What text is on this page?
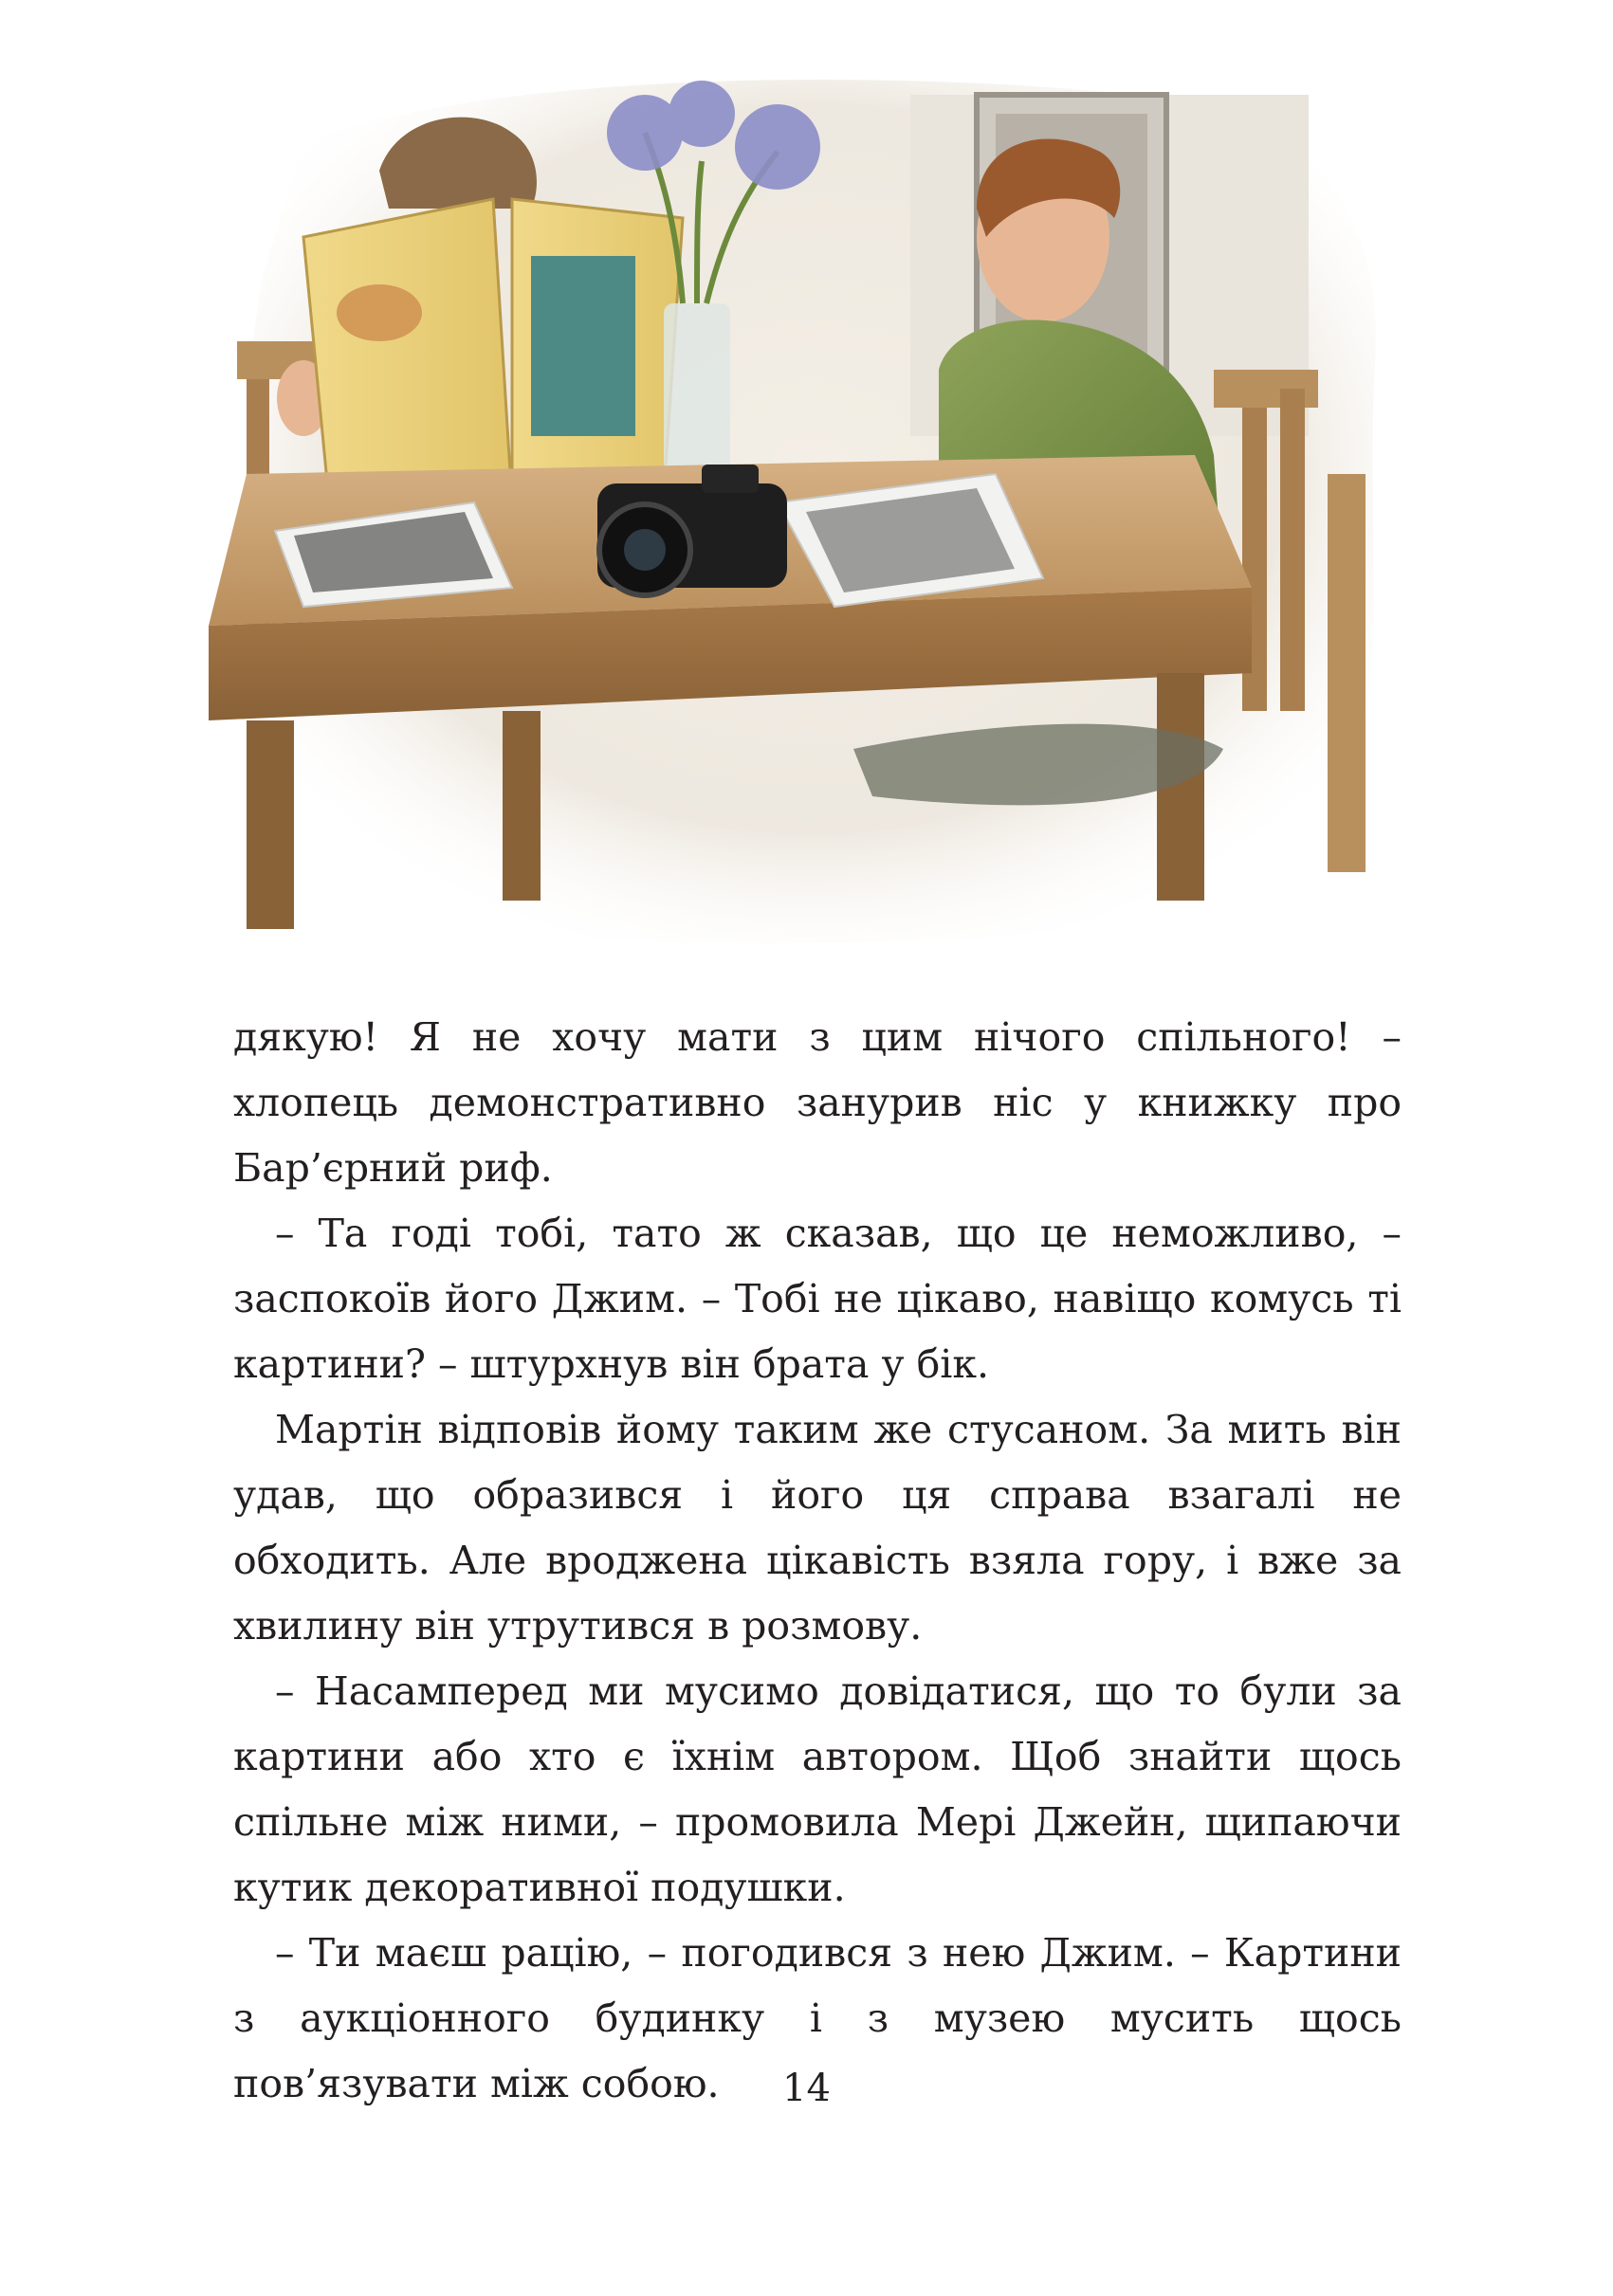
дякую! Я не хочу мати з цим нічого спільного! – хлопець демонстративно занурив ніс у книжку про Бар’єрний риф.

– Та годі тобі, тато ж сказав, що це неможливо, – заспокоїв його Джим. – Тобі не цікаво, навіщо комусь ті картини? – штурхнув він брата у бік.

Мартін відповів йому таким же стусаном. За мить він удав, що образився і його ця справа взагалі не обходить. Але вроджена цікавість взяла гору, і вже за хвилину він утрутився в розмову.

– Насамперед ми мусимо довідатися, що то були за картини або хто є їхнім автором. Щоб знайти щось спільне між ними, – промовила Мері Джейн, щипаючи кутик декоративної подушки.

– Ти маєш рацію, – погодився з нею Джим. – Картини з аукціонного будинку і з музею мусить щось пов’язувати між собою.	14
